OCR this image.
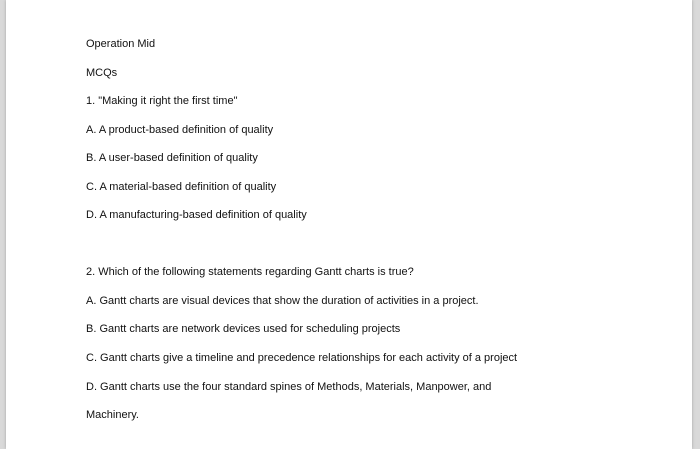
Operation Mid
MCQs
1. "Making it right the first time"
A. A product-based definition of quality
B. A user-based definition of quality
C. A material-based definition of quality
D. A manufacturing-based definition of quality
2. Which of the following statements regarding Gantt charts is true?
A. Gantt charts are visual devices that show the duration of activities in a project.
B. Gantt charts are network devices used for scheduling projects
C. Gantt charts give a timeline and precedence relationships for each activity of a project
D. Gantt charts use the four standard spines of Methods, Materials, Manpower, and
Machinery.
